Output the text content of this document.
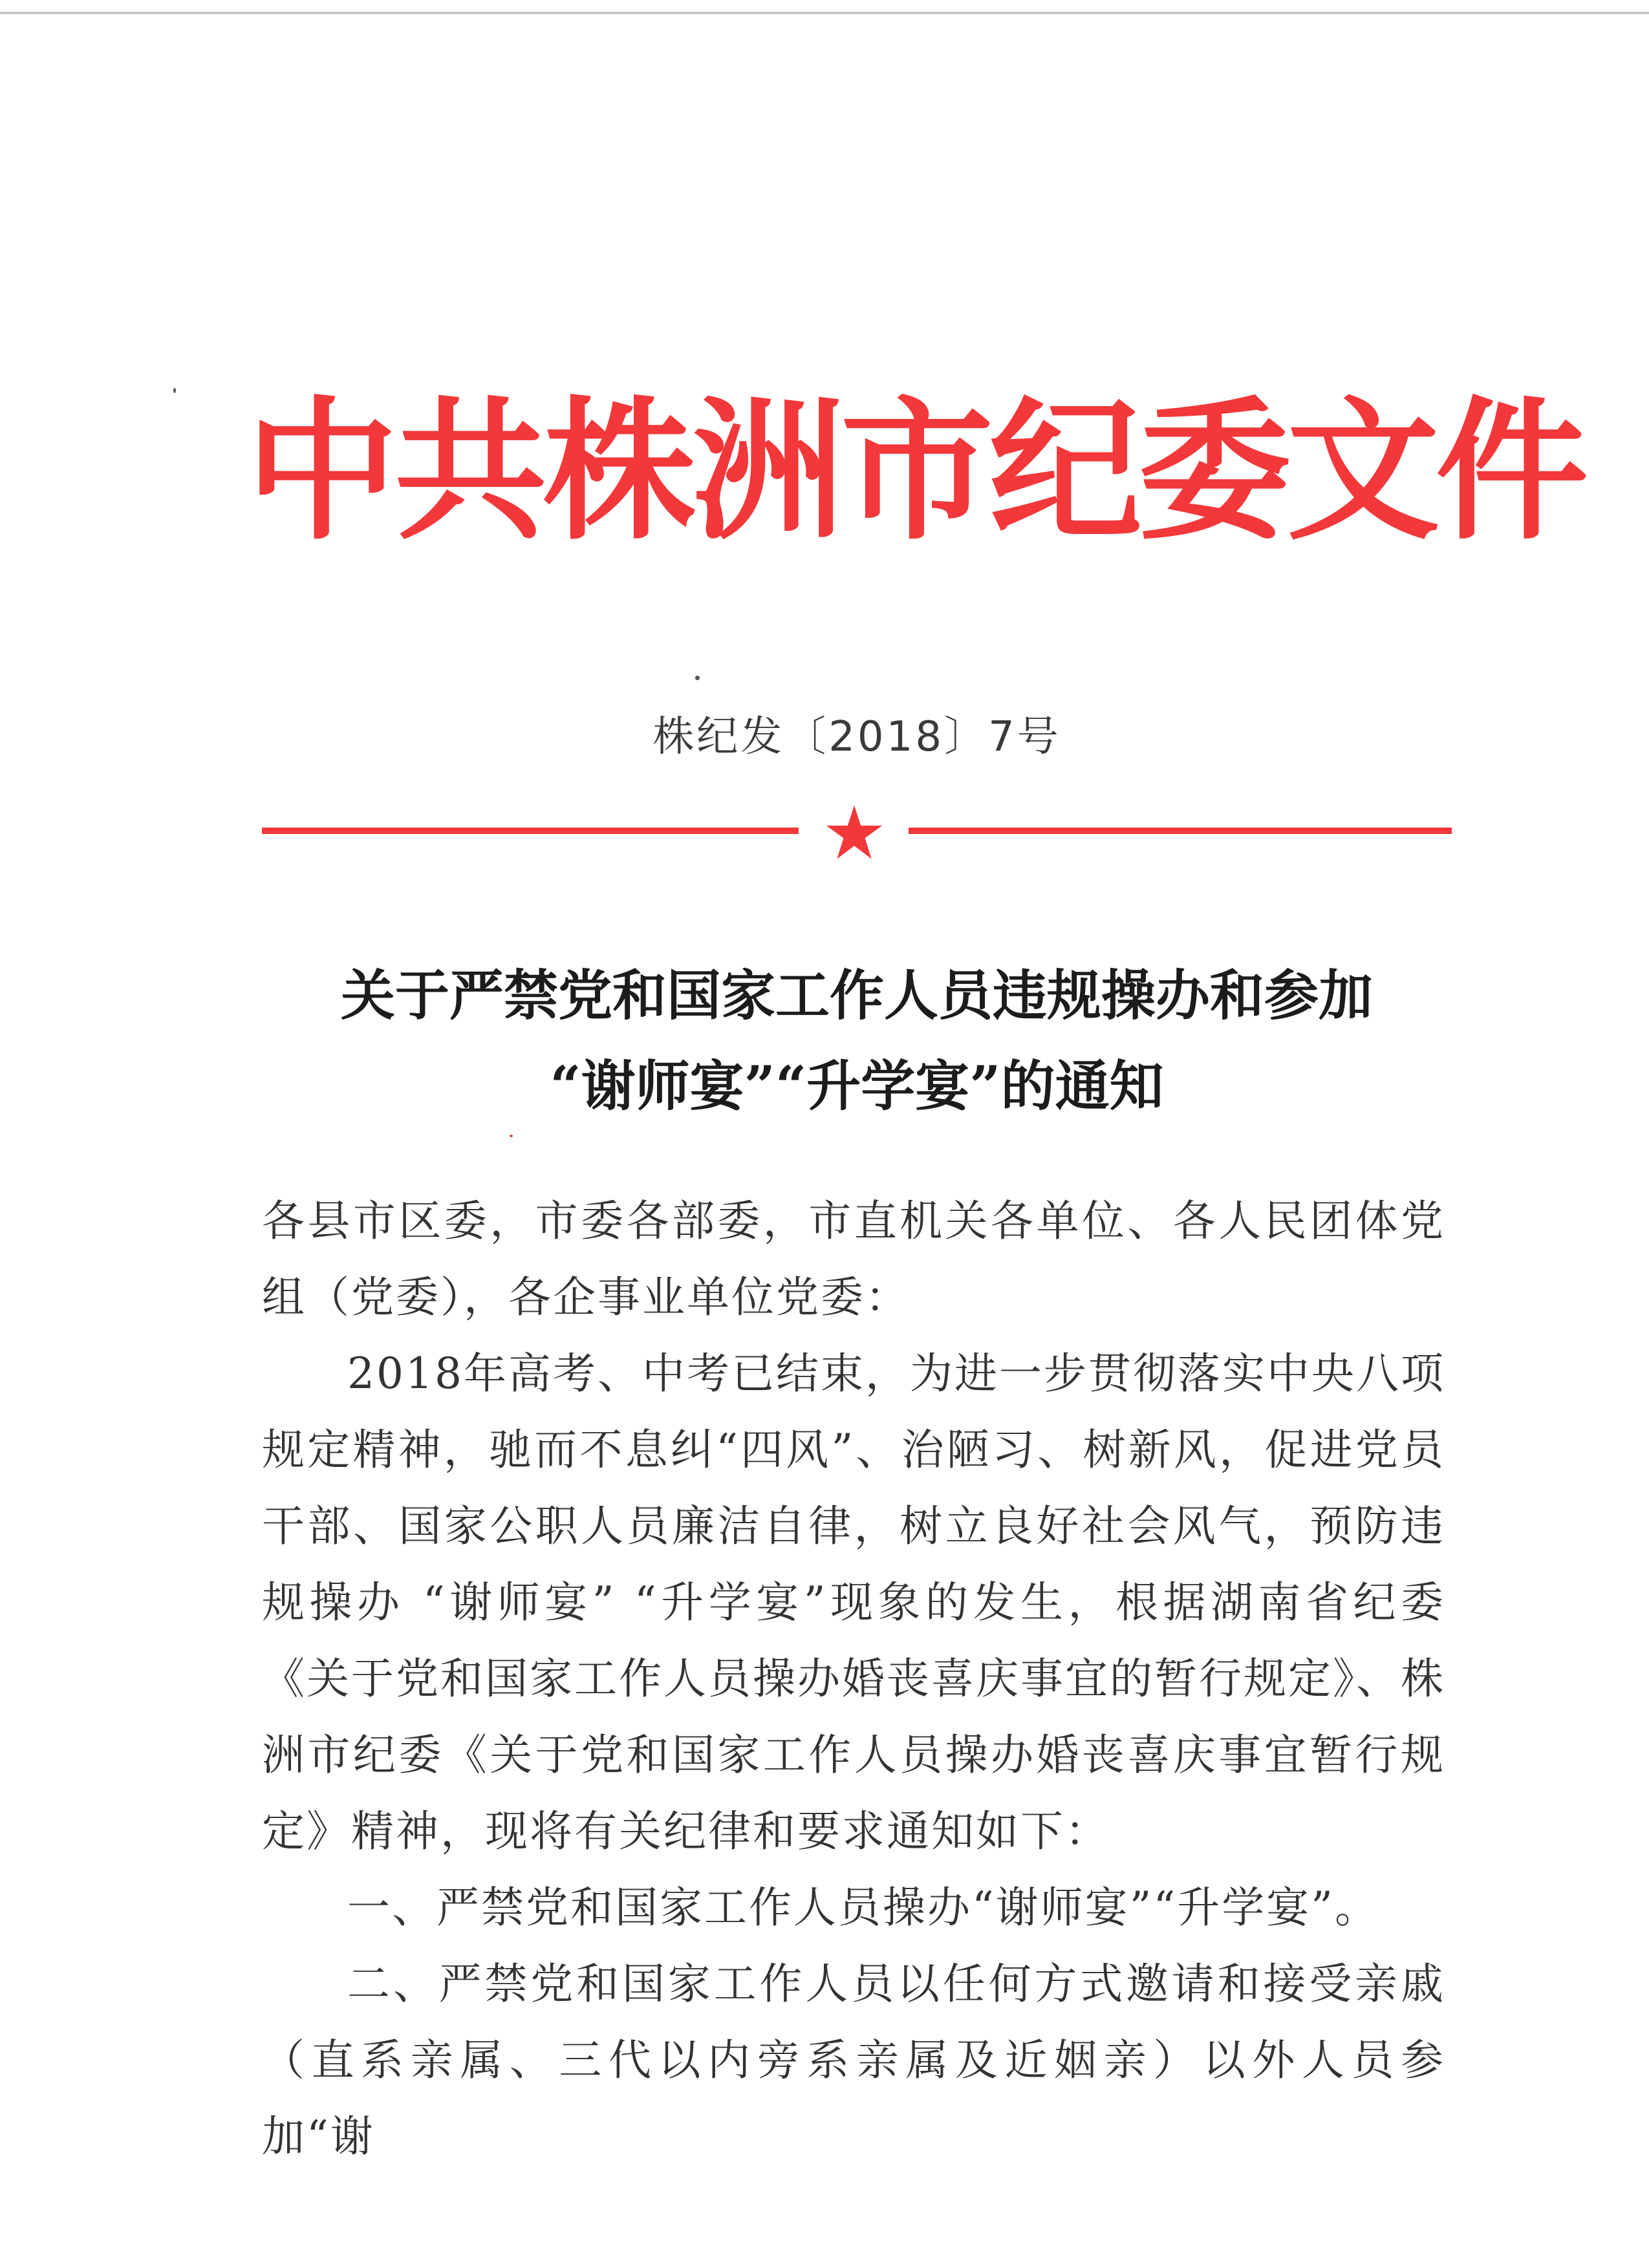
中共株洲市纪委文件
株纪发〔2018〕7号
关于严禁党和国家工作人员违规操办和参加
“谢师宴”“升学宴”的通知

各县市区委，市委各部委，市直机关各单位、各人民团体党组（党委），各企事业单位党委：

2018年高考、中考已结束，为进一步贯彻落实中央八项规定精神，驰而不息纠“四风”、治陋习、树新风，促进党员干部、国家公职人员廉洁自律，树立良好社会风气，预防违规操办 “谢师宴” “升学宴”现象的发生，根据湖南省纪委《关于党和国家工作人员操办婚丧喜庆事宜的暂行规定》、株洲市纪委《关于党和国家工作人员操办婚丧喜庆事宜暂行规定》精神，现将有关纪律和要求通知如下：

一、严禁党和国家工作人员操办“谢师宴”“升学宴”。

二、严禁党和国家工作人员以任何方式邀请和接受亲戚（直系亲属、三代以内旁系亲属及近姻亲）以外人员参加“谢
